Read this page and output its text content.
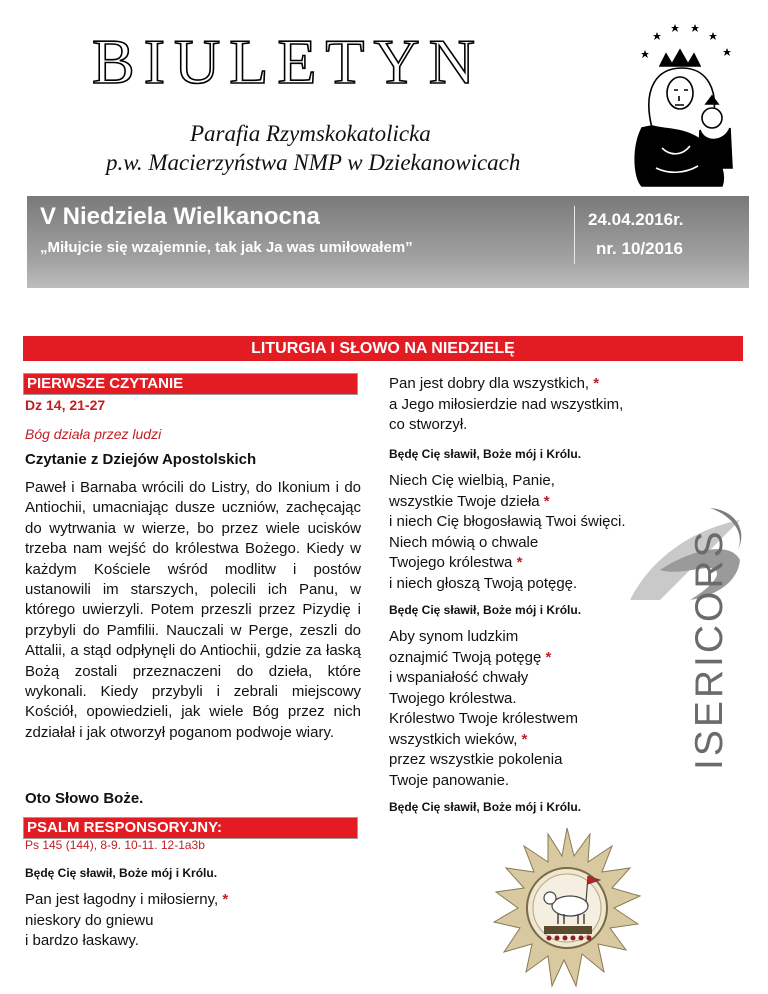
BIULETYN
Parafia Rzymskokatolicka
p.w. Macierzyństwa NMP w Dziekanowicach
V Niedziela Wielkanocna
„Miłujcie się wzajemnie, tak jak Ja was umiłowałem”
24.04.2016r.
nr. 10/2016
LITURGIA I SŁOWO NA NIEDZIELĘ
PIERWSZE CZYTANIE
Dz 14, 21-27
Bóg działa przez ludzi
Czytanie z Dziejów Apostolskich
Paweł i Barnaba wrócili do Listry, do Ikonium i do Antiochii, umacniając dusze uczniów, zachęcając do wytrwania w wierze, bo przez wiele ucisków trzeba nam wejść do królestwa Bożego. Kiedy w każdym Kościele wśród modlitw i postów ustanowili im starszych, polecili ich Panu, w którego uwierzyli. Potem przeszli przez Pizydię i przybyli do Pamfilii. Nauczali w Perge, zeszli do Attalii, a stąd odpłynęli do Antiochii, gdzie za łaską Bożą zostali przeznaczeni do dzieła, które wykonali. Kiedy przybyli i zebrali miejscowy Kościół, opowiedzieli, jak wiele Bóg przez nich zdziałał i jak otworzył poganom podwoje wiary.
Oto Słowo Boże.
PSALM RESPONSORYJNY:
Ps 145 (144), 8-9. 10-11. 12-1a3b
Będę Cię sławił, Boże mój i Królu.
Pan jest łagodny i miłosierny, *
nieskory do gniewu
i bardzo łaskawy.
Pan jest dobry dla wszystkich, *
a Jego miłosierdzie nad wszystkim,
co stworzył.
Będę Cię sławił, Boże mój i Królu.
ISERICORS
Niech Cię wielbią, Panie,
wszystkie Twoje dzieła *
i niech Cię błogosławią Twoi święci.
Niech mówią o chwale
Twojego królestwa *
i niech głoszą Twoją potęgę.
Będę Cię sławił, Boże mój i Królu.
Aby synom ludzkim
oznajmić Twoją potęgę *
i wspaniałość chwały
Twojego królestwa.
Królestwo Twoje królestwem
wszystkich wieków, *
przez wszystkie pokolenia
Twoje panowanie.
Będę Cię sławił, Boże mój i Królu.
